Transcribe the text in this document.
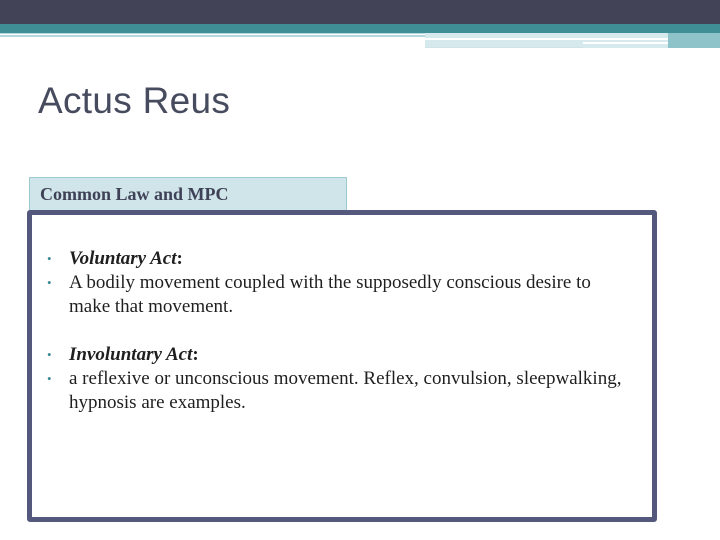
Actus Reus
Common Law and MPC
• Voluntary Act:
• A bodily movement coupled with the supposedly conscious desire to make that movement.
• Involuntary Act:
• a reflexive or unconscious movement. Reflex, convulsion, sleepwalking, hypnosis are examples.
